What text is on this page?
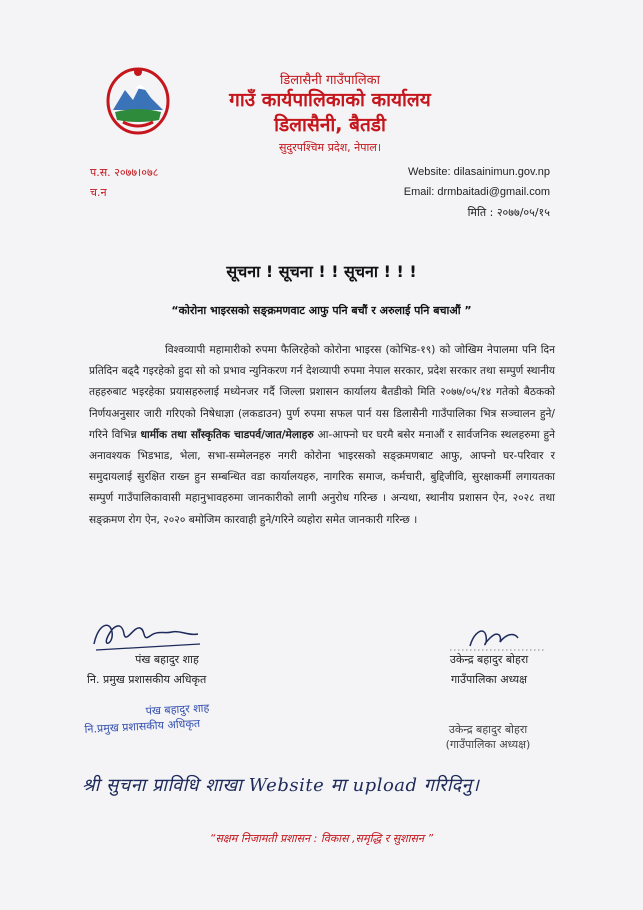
डिलासैनी गाउँपालिका
गाउँ कार्यपालिकाको कार्यालय
डिलासैनी, बैतडी
सुदुरपश्चिम प्रदेश, नेपाल।
प.स. २०७७।०७८
च.न
Website: dilasainimun.gov.np
Email: drmbaitadi@gmail.com
मिति : २०७७/०५/१५
सूचना ! सूचना ! ! सूचना ! ! !
“कोरोना भाइरसको सङ्क्रमणवाट आफु पनि बचौं र अरुलाई पनि बचाऔं ”
विश्वव्यापी महामारीको रुपमा फैलिरहेको कोरोना भाइरस (कोभिड-१९) को जोखिम नेपालमा पनि दिन प्रतिदिन बढ्दै गइरहेको हुदा सो को प्रभाव न्युनिकरण गर्न देशव्यापी रुपमा नेपाल सरकार, प्रदेश सरकार तथा सम्पुर्ण स्थानीय तहहरुबाट भइरहेका प्रयासहरुलाई मध्येनजर गर्दै जिल्ला प्रशासन कार्यालय बैतडीको मिति २०७७/०५/१४ गतेको बैठकको निर्णयअनुसार जारी गरिएको निषेधाज्ञा (लकडाउन) पुर्ण रुपमा सफल पार्न यस डिलासैनी गाउँपालिका भित्र सञ्चालन हुने/गरिने विभिन्न धार्मीक तथा साँस्कृतिक चाडपर्व/जात/मेलाहरु आ-आफ्नो घर घरमै बसेर मनाऔं र सार्वजनिक स्थलहरुमा हुने अनावश्यक भिडभाड, भेला, सभा-सम्मेलनहरु नगरी कोरोना भाइरसको सङ्क्रमणबाट आफु, आफ्नो घर-परिवार र समुदायलाई सुरक्षित राख्न हुन सम्बन्धित वडा कार्यालयहरु, नागरिक समाज, कर्मचारी, बुद्दिजीवि, सुरक्षाकर्मी लगायतका सम्पुर्ण गाउँपालिकावासी महानुभावहरुमा जानकारीको लागी अनुरोध गरिन्छ । अन्यथा, स्थानीय प्रशासन ऐन, २०२८ तथा सङ्क्रमण रोग ऐन, २०२० बमोजिम कारवाही हुने/गरिने व्यहोरा समेत जानकारी गरिन्छ ।
पंख बहादुर शाह
नि. प्रमुख प्रशासकीय अधिकृत
उकेन्द्र बहादुर बोहरा
गाउँपालिका अध्यक्ष
पंख बहादुर शाह
नि.प्रमुख प्रशासकीय अधिकृत	उकेन्द्र बहादुर बोहरा
(गाउँपालिका अध्यक्ष)
श्री सुचना प्राविधि शाखा Website मा upload गरिदिनु।
“सक्षम निजामती प्रशासन : विकास ,समृद्धि र सुशासन ”
